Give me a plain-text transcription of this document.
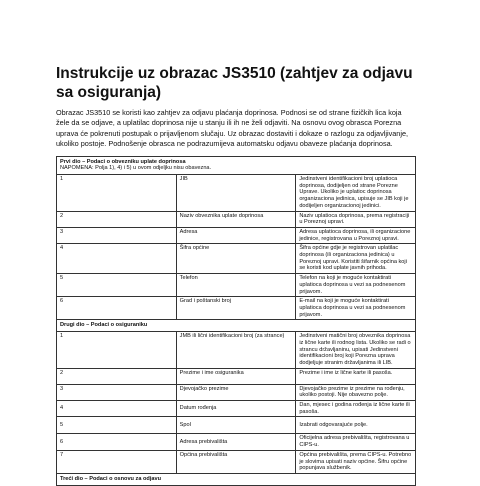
Instrukcije uz obrazac JS3510 (zahtjev za odjavu sa osiguranja)

Obrazac JS3510 se koristi kao zahtjev za odjavu plaćanja doprinosa. Podnosi se od strane fizičkih lica koja žele da se odjave, a uplatilac doprinosa nije u stanju ili ih ne želi odjaviti. Na osnovu ovog obrasca Porezna uprava će pokrenuti postupak o prijavljenom slučaju. Uz obrazac dostaviti i dokaze o razlogu za odjavljivanje, ukoliko postoje. Podnošenje obrasca ne podrazumijeva automatsku odjavu obaveze plaćanja doprinosa.

Prvi dio – Podaci o obvezniku uplate doprinosa
NAPOMENA: Polja 1), 4) i 5) u ovom odjeljku nisu obavezna.		

1	JIB	Jedinstveni identifikacioni broj uplatioca doprinosa, dodijeljen od strane Porezne Uprave. Ukoliko je uplatioc doprinosa organizaciona jedinica, upisuje se JIB koji je dodijeljen organizacionoj jedinici.
2	Naziv obveznika uplate doprinosa	Naziv uplatioca doprinosa, prema registraciji u Poreznoj upravi.
3	Adresa	Adresa uplatioca doprinosa, ili organizacione jedinice, registrovana u Poreznoj upravi.
4	Šifra općine	Šifra općine gdje je registrovan uplatilac doprinosa (ili organizaciona jedinica) u Poreznoj upravi. Koristiti šifarnik općina koji se koristi kod uplate javnih prihoda.
5	Telefon	Telefon na koji je moguće kontaktirati uplatioca doprinosa u vezi sa podnesenom prijavom.
6	Grad i poštanski broj	E-mail na koji je moguće kontaktirati uplatioca doprinosa u vezi sa podnesenom prijavom.
Drugi dio – Podaci o osiguraniku		
1	JMB ili lični identifikacioni broj (za strance)	Jedinstveni matični broj obveznika doprinosa iz lične karte ili rodnog lista. Ukoliko se radi o strancu državljaninu, upisati Jedinstveni identifikacioni broj koji Porezna uprava dodjeljuje stranim državljanima ili LIB.
2	Prezime i ime osiguranika	Prezime i ime iz lične karte ili pasoša.
3	Djevojačko prezime	Djevojačko prezime iz prezime na rođenju, ukoliko postoji. Nije obavezno polje.
4	Datum rođenja	Dan, mjesec i godina rođenja iz lične karte ili pasoša.
5	Spol	Izabrati odgovarajuće polje.
6	Adresa prebivališta	Oficijelna adresa prebivališta, registrovana u CIPS-u.
7	Općina prebivališta	Općina prebivališta, prema CIPS-u. Potrebno je slovima upisati naziv općine. Šifru općine popunjava službenik.
Treći dio – Podaci o osnovu za odjavu		
